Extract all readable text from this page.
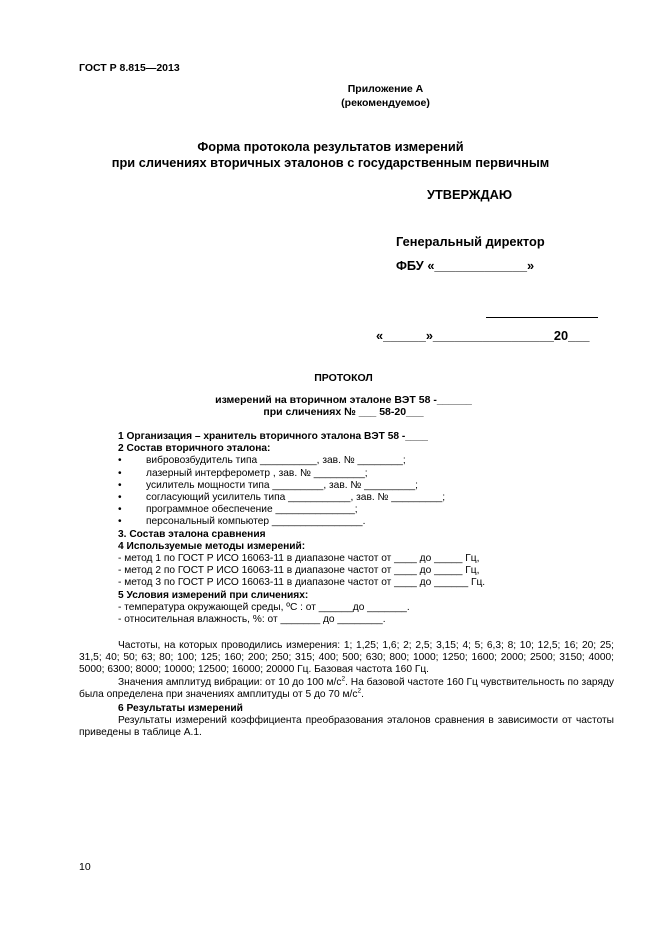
ГОСТ Р 8.815—2013
Приложение А
(рекомендуемое)
Форма протокола результатов измерений
при сличениях вторичных эталонов с государственным первичным
УТВЕРЖДАЮ
Генеральный директор
ФБУ «_____________»
«______»_________________20___
ПРОТОКОЛ
измерений на вторичном эталоне ВЭТ 58 -______
при сличениях № ___ 58-20___
1 Организация – хранитель вторичного эталона ВЭТ 58 -____
2 Состав вторичного эталона:
• вибровозбудитель типа __________, зав. № ________;
• лазерный интерферометр , зав. № _________;
• усилитель мощности типа _________, зав. № _________;
• согласующий усилитель типа ___________, зав. № _________;
• программное обеспечение ______________;
• персональный компьютер ________________.
3. Состав эталона сравнения
4 Используемые методы измерений:
- метод 1 по ГОСТ Р ИСО 16063-11 в диапазоне частот от ____ до _____ Гц,
- метод 2 по ГОСТ Р ИСО 16063-11 в диапазоне частот от ____ до _____ Гц,
- метод 3 по ГОСТ Р ИСО 16063-11 в диапазоне частот от ____ до ______ Гц.
5 Условия измерений при сличениях:
- температура окружающей среды, ºС : от ______до _______.
- относительная влажность, %: от _______ до ________.
Частоты, на которых проводились измерения: 1; 1,25; 1,6; 2; 2,5; 3,15; 4; 5; 6,3; 8; 10; 12,5; 16; 20; 25; 31,5; 40; 50; 63; 80; 100; 125; 160; 200; 250; 315; 400; 500; 630; 800; 1000; 1250; 1600; 2000; 2500; 3150; 4000; 5000; 6300; 8000; 10000; 12500; 16000; 20000 Гц. Базовая частота 160 Гц.
Значения амплитуд вибрации: от 10 до 100 $м/с^2$. На базовой частоте 160 Гц чувствительность по заряду была определена при значениях амплитуды от 5 до 70 $м/с^2$.
6 Результаты измерений
Результаты измерений коэффициента преобразования эталонов сравнения в зависимости от частоты приведены в таблице А.1.
10
